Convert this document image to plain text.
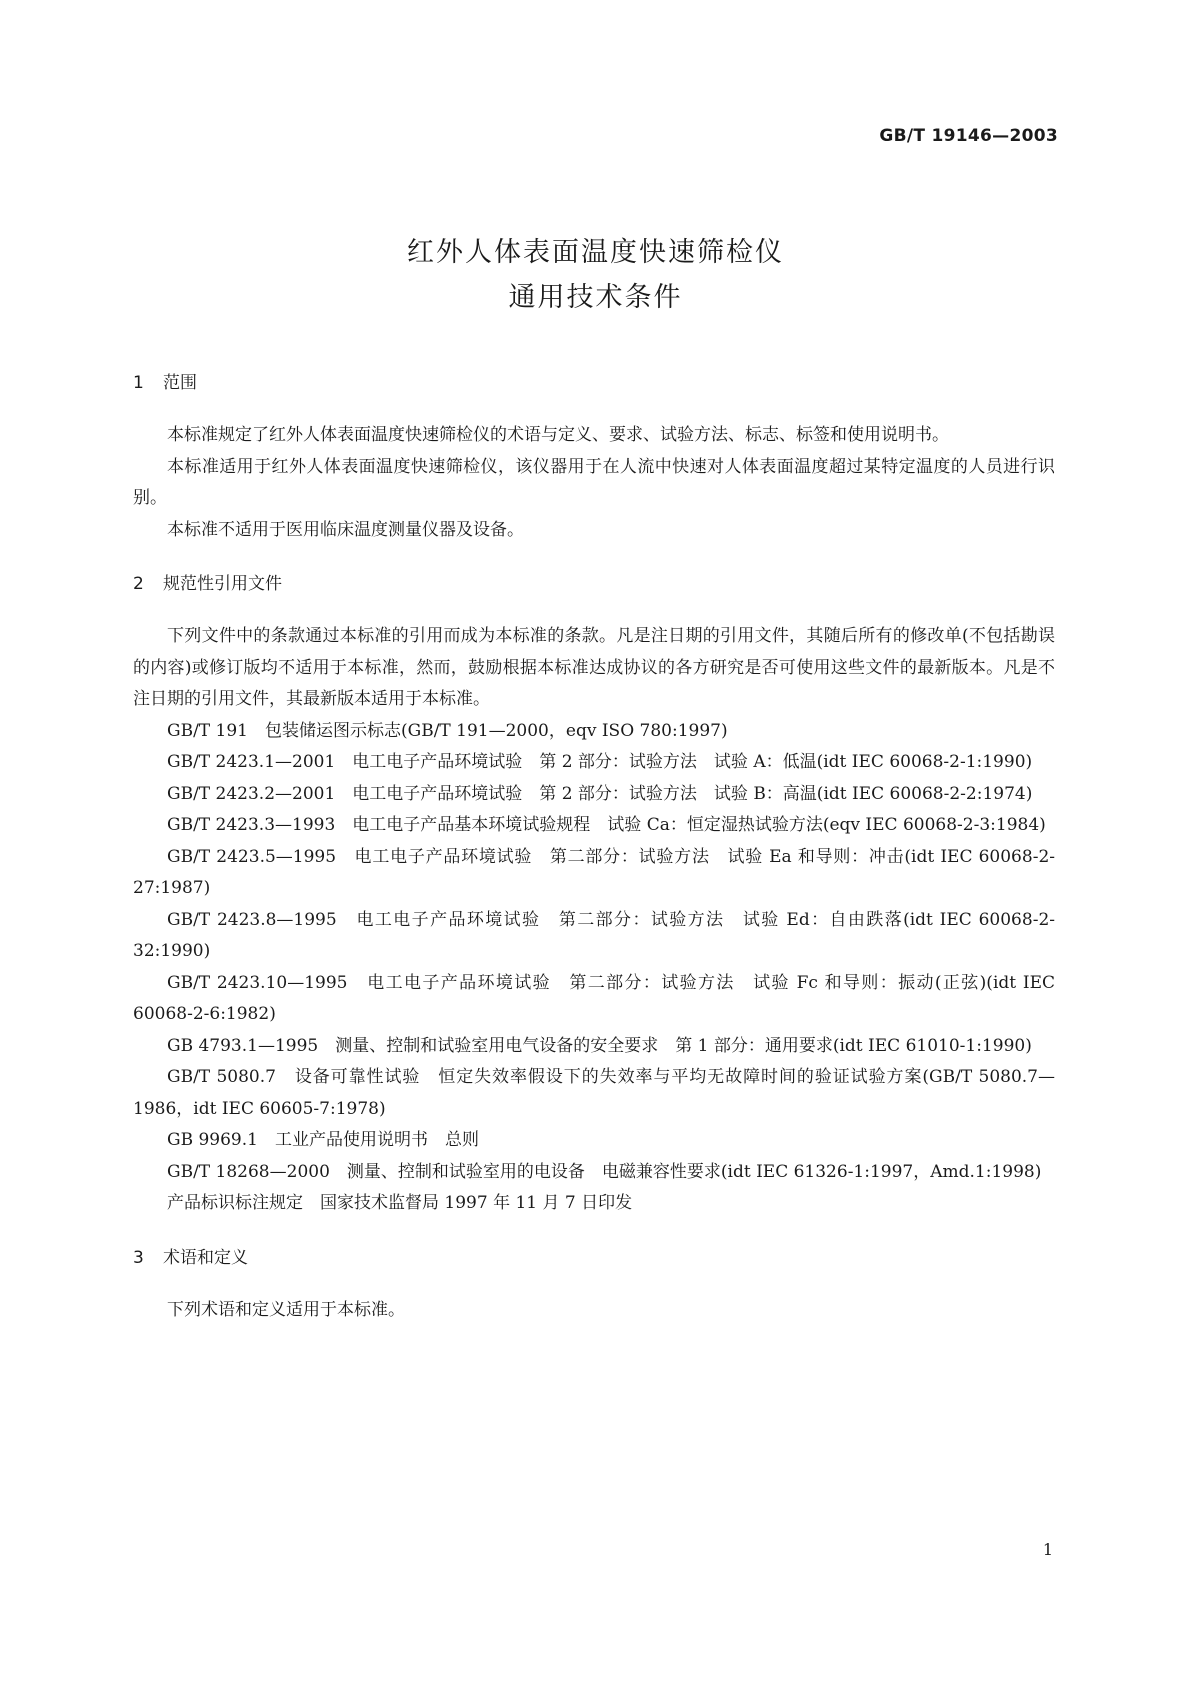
GB/T 19146—2003
红外人体表面温度快速筛检仪
通用技术条件
1 范围

本标准规定了红外人体表面温度快速筛检仪的术语与定义、要求、试验方法、标志、标签和使用说明书。

本标准适用于红外人体表面温度快速筛检仪，该仪器用于在人流中快速对人体表面温度超过某特定温度的人员进行识别。

本标准不适用于医用临床温度测量仪器及设备。

2 规范性引用文件

下列文件中的条款通过本标准的引用而成为本标准的条款。凡是注日期的引用文件，其随后所有的修改单(不包括勘误的内容)或修订版均不适用于本标准，然而，鼓励根据本标准达成协议的各方研究是否可使用这些文件的最新版本。凡是不注日期的引用文件，其最新版本适用于本标准。

GB/T 191　包装储运图示标志(GB/T 191—2000，eqv ISO 780:1997)

GB/T 2423.1—2001　电工电子产品环境试验　第 2 部分：试验方法　试验 A：低温(idt IEC 60068-2-1:1990)

GB/T 2423.2—2001　电工电子产品环境试验　第 2 部分：试验方法　试验 B：高温(idt IEC 60068-2-2:1974)

GB/T 2423.3—1993　电工电子产品基本环境试验规程　试验 Ca：恒定湿热试验方法(eqv IEC 60068-2-3:1984)

GB/T 2423.5—1995　电工电子产品环境试验　第二部分：试验方法　试验 Ea 和导则：冲击(idt IEC 60068-2-27:1987)

GB/T 2423.8—1995　电工电子产品环境试验　第二部分：试验方法　试验 Ed：自由跌落(idt IEC 60068-2-32:1990)

GB/T 2423.10—1995　电工电子产品环境试验　第二部分：试验方法　试验 Fc 和导则：振动(正弦)(idt IEC 60068-2-6:1982)

GB 4793.1—1995　测量、控制和试验室用电气设备的安全要求　第 1 部分：通用要求(idt IEC 61010-1:1990)

GB/T 5080.7　设备可靠性试验　恒定失效率假设下的失效率与平均无故障时间的验证试验方案(GB/T 5080.7—1986，idt IEC 60605-7:1978)

GB 9969.1　工业产品使用说明书　总则

GB/T 18268—2000　测量、控制和试验室用的电设备　电磁兼容性要求(idt IEC 61326-1:1997，Amd.1:1998)

产品标识标注规定　国家技术监督局 1997 年 11 月 7 日印发

3 术语和定义

下列术语和定义适用于本标准。

1
